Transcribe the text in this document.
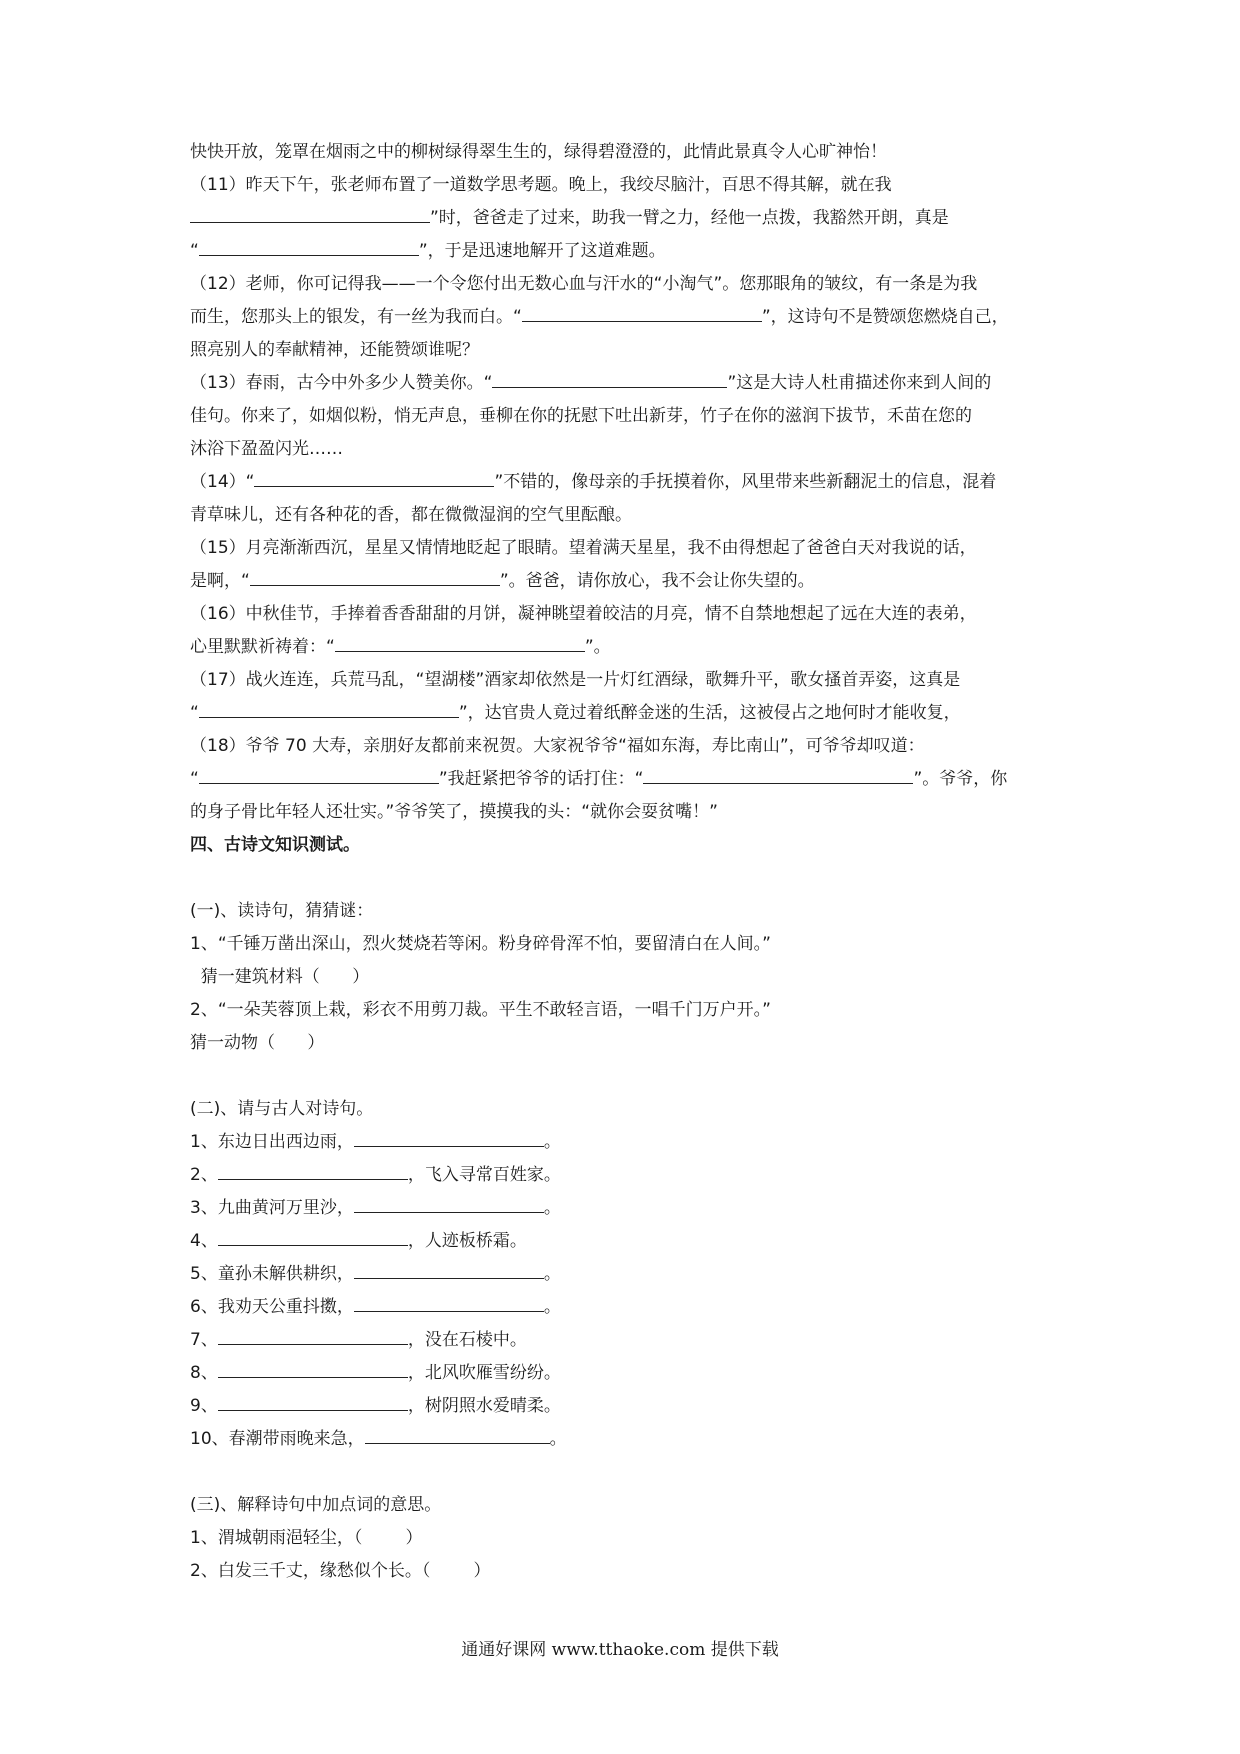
快快开放，笼罩在烟雨之中的柳树绿得翠生生的，绿得碧澄澄的，此情此景真令人心旷神怡！
（11）昨天下午，张老师布置了一道数学思考题。晚上，我绞尽脑汁，百思不得其解，就在我
”时，爸爸走了过来，助我一臂之力，经他一点拨，我豁然开朗，真是
“	”，于是迅速地解开了这道难题。
（12）老师，你可记得我——一个令您付出无数心血与汗水的“小淘气”。您那眼角的皱纹，有一条是为我
而生，您那头上的银发，有一丝为我而白。“	”，这诗句不是赞颂您燃烧自己，
照亮别人的奉献精神，还能赞颂谁呢？
（13）春雨，古今中外多少人赞美你。“	”这是大诗人杜甫描述你来到人间的
佳句。你来了，如烟似粉，悄无声息，垂柳在你的抚慰下吐出新芽，竹子在你的滋润下拔节，禾苗在您的
沐浴下盈盈闪光……
（14）“	”不错的，像母亲的手抚摸着你，风里带来些新翻泥土的信息，混着
青草味儿，还有各种花的香，都在微微湿润的空气里酝酿。
（15）月亮渐渐西沉，星星又情情地眨起了眼睛。望着满天星星，我不由得想起了爸爸白天对我说的话，
是啊，“	”。爸爸，请你放心，我不会让你失望的。
（16）中秋佳节，手捧着香香甜甜的月饼，凝神眺望着皎洁的月亮，情不自禁地想起了远在大连的表弟，
心里默默祈祷着：“	”。
（17）战火连连，兵荒马乱，“望湖楼”酒家却依然是一片灯红酒绿，歌舞升平，歌女搔首弄姿，这真是
“	”，达官贵人竟过着纸醉金迷的生活，这被侵占之地何时才能收复，
（18）爷爷 70 大寿，亲朋好友都前来祝贺。大家祝爷爷“福如东海，寿比南山”，可爷爷却叹道：
“	”我赶紧把爷爷的话打住：“	”。爷爷，你
的身子骨比年轻人还壮实。”爷爷笑了，摸摸我的头：“就你会耍贫嘴！”
四、古诗文知识测试。
(一)、读诗句，猜猜谜：
1、“千锤万凿出深山，烈火焚烧若等闲。粉身碎骨浑不怕，要留清白在人间。”
猜一建筑材料（      ）
2、“一朵芙蓉顶上栽，彩衣不用剪刀裁。平生不敢轻言语，一唱千门万户开。”
猜一动物（      ）
(二)、请与古人对诗句。
1、东边日出西边雨，	。
2、	，飞入寻常百姓家。
3、九曲黄河万里沙，	。
4、	，人迹板桥霜。
5、童孙未解供耕织，	。
6、我劝天公重抖擞，	。
7、	，没在石棱中。
8、	，北风吹雁雪纷纷。
9、	，树阴照水爱晴柔。
10、春潮带雨晚来急，	。
(三)、解释诗句中加点词的意思。
1、渭城朝雨浥轻尘，（        ）
2、白发三千丈，缘愁似个长。（        ）
通通好课网 www.tthaoke.com 提供下载
